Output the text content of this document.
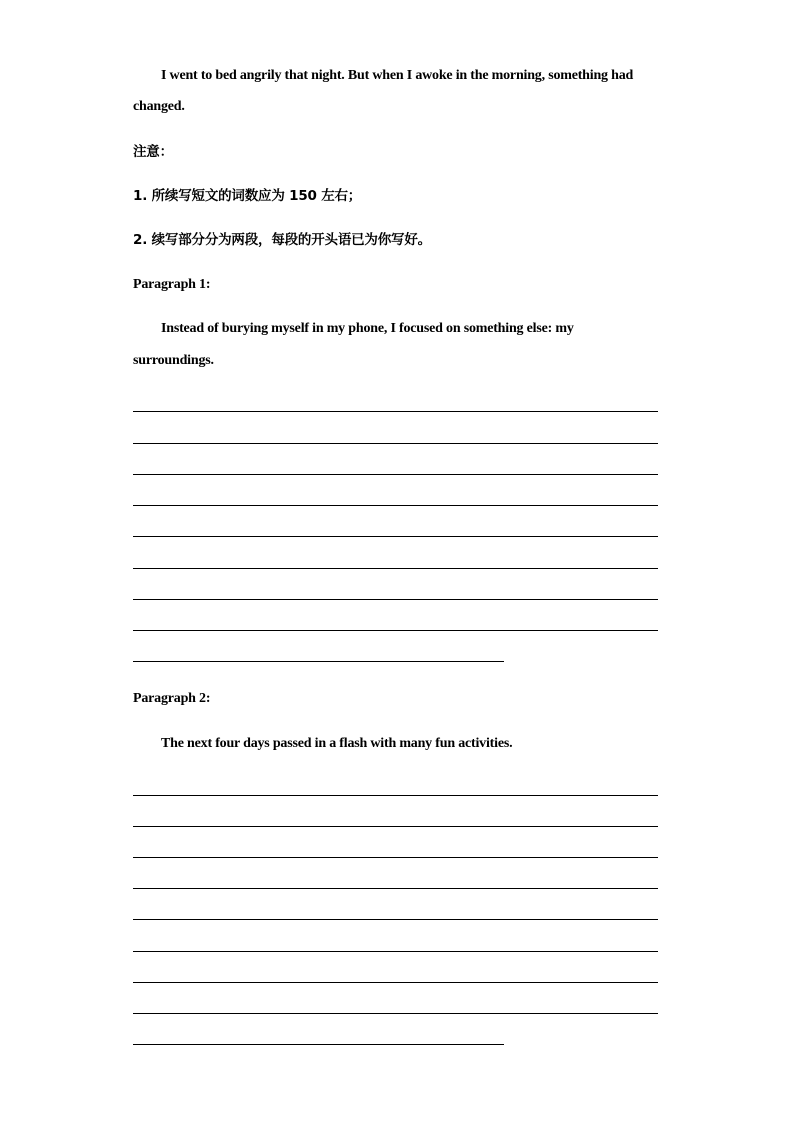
I went to bed angrily that night. But when I awoke in the morning, something had
changed.
注意：
1. 所续写短文的词数应为 150 左右；
2. 续写部分分为两段，每段的开头语已为你写好。
Paragraph 1:
Instead of burying myself in my phone, I focused on something else: my
surroundings.
Paragraph 2:
The next four days passed in a flash with many fun activities.
